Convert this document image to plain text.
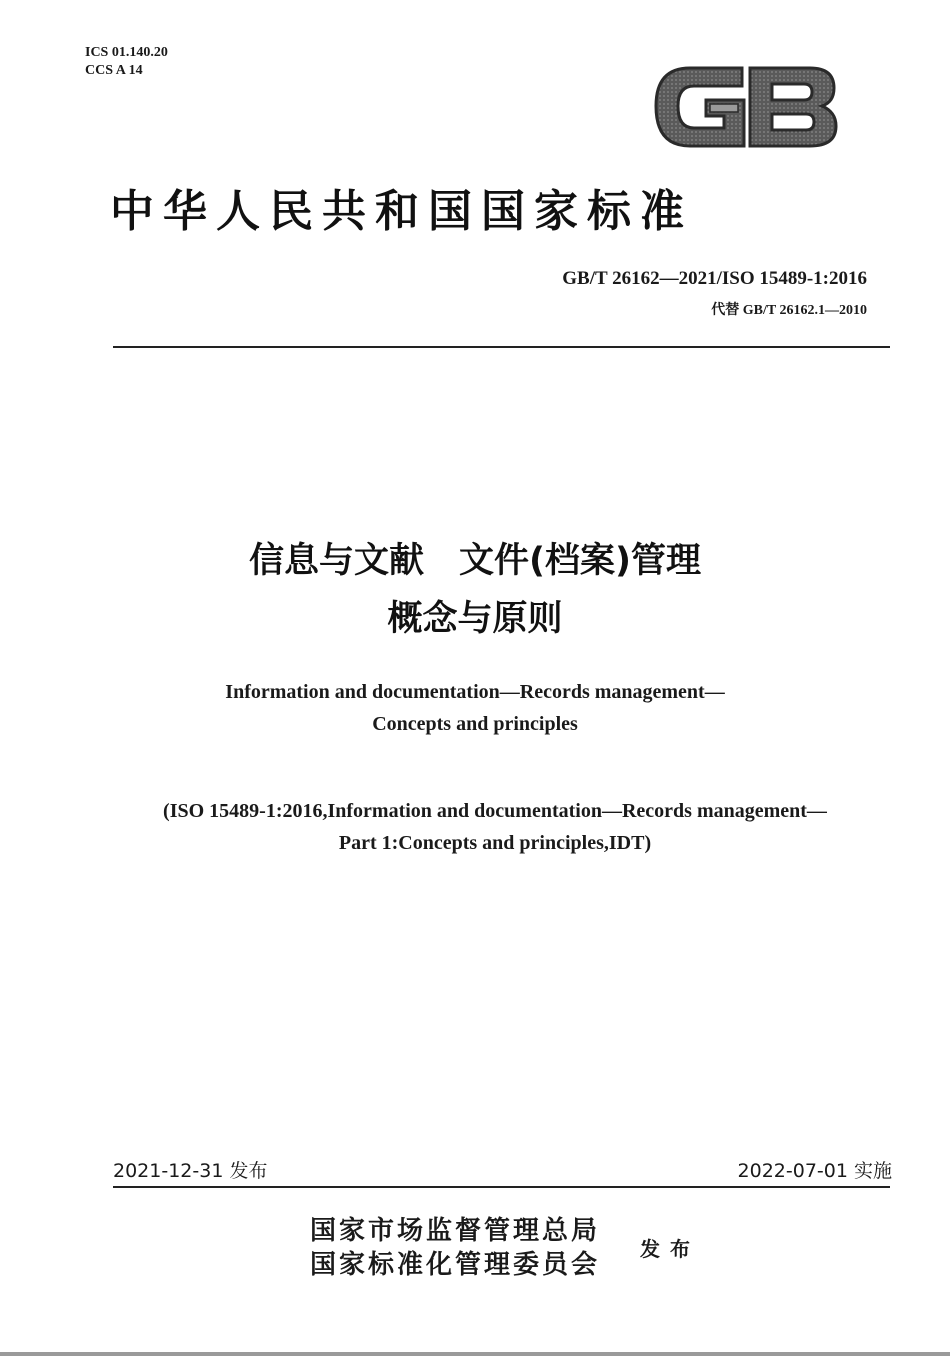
ICS 01.140.20
CCS A 14
中华人民共和国国家标准
GB/T 26162—2021/ISO 15489-1:2016
代替 GB/T 26162.1—2010
信息与文献　文件(档案)管理
概念与原则
Information and documentation—Records management—
Concepts and principles
(ISO 15489-1:2016,Information and documentation—Records management—
Part 1:Concepts and principles,IDT)
2021-12-31 发布	2022-07-01 实施
国家市场监督管理总局
国家标准化管理委员会
发布
